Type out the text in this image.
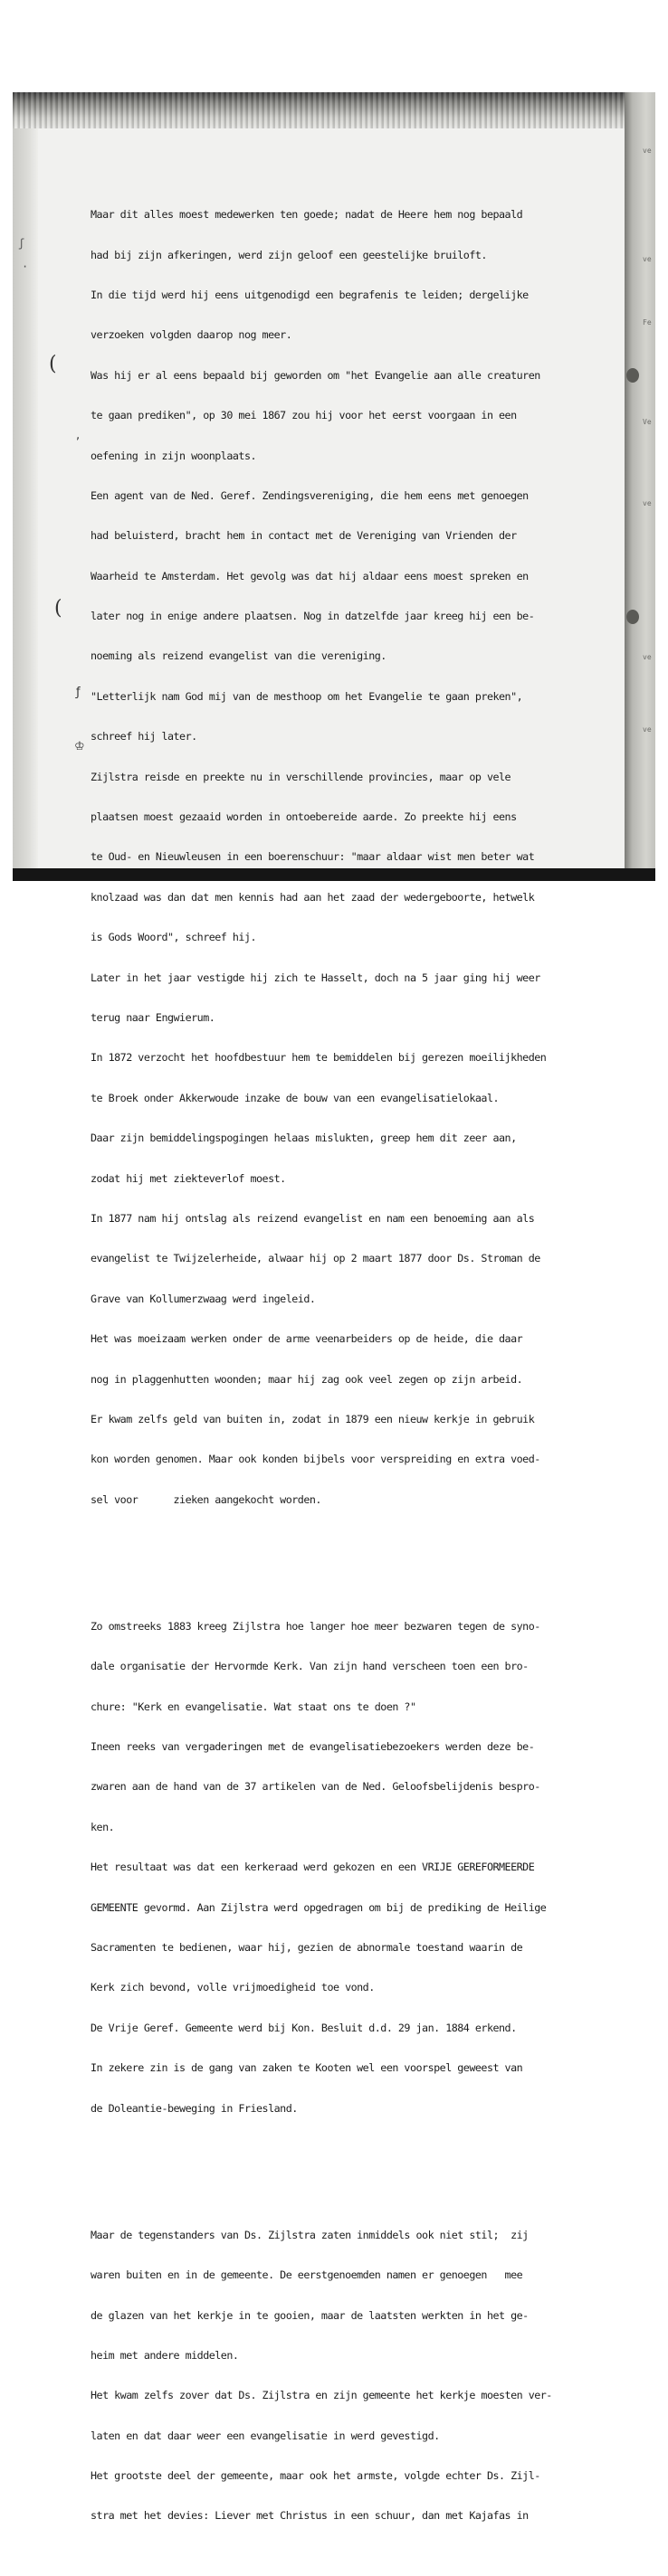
ʃ
·
ve
ve
Fe
Ve
ve
ve
ve
(
(
,
ƒ
♔

Maar dit alles moest medewerken ten goede; nadat de Heere hem nog bepaald

had bij zijn afkeringen, werd zijn geloof een geestelijke bruiloft.

In die tijd werd hij eens uitgenodigd een begrafenis te leiden; dergelijke

verzoeken volgden daarop nog meer.

Was hij er al eens bepaald bij geworden om "het Evangelie aan alle creaturen

te gaan prediken", op 30 mei 1867 zou hij voor het eerst voorgaan in een

oefening in zijn woonplaats.

Een agent van de Ned. Geref. Zendingsvereniging, die hem eens met genoegen

had beluisterd, bracht hem in contact met de Vereniging van Vrienden der

Waarheid te Amsterdam. Het gevolg was dat hij aldaar eens moest spreken en

later nog in enige andere plaatsen. Nog in datzelfde jaar kreeg hij een be-

noeming als reizend evangelist van die vereniging.

"Letterlijk nam God mij van de mesthoop om het Evangelie te gaan preken",

schreef hij later.

Zijlstra reisde en preekte nu in verschillende provincies, maar op vele

plaatsen moest gezaaid worden in ontoebereide aarde. Zo preekte hij eens

te Oud- en Nieuwleusen in een boerenschuur: "maar aldaar wist men beter wat

knolzaad was dan dat men kennis had aan het zaad der wedergeboorte, hetwelk

is Gods Woord", schreef hij.

Later in het jaar vestigde hij zich te Hasselt, doch na 5 jaar ging hij weer

terug naar Engwierum.

In 1872 verzocht het hoofdbestuur hem te bemiddelen bij gerezen moeilijkheden

te Broek onder Akkerwoude inzake de bouw van een evangelisatielokaal.

Daar zijn bemiddelingspogingen helaas mislukten, greep hem dit zeer aan,

zodat hij met ziekteverlof moest.

In 1877 nam hij ontslag als reizend evangelist en nam een benoeming aan als

evangelist te Twijzelerheide, alwaar hij op 2 maart 1877 door Ds. Stroman de

Grave van Kollumerzwaag werd ingeleid.

Het was moeizaam werken onder de arme veenarbeiders op de heide, die daar

nog in plaggenhutten woonden; maar hij zag ook veel zegen op zijn arbeid.

Er kwam zelfs geld van buiten in, zodat in 1879 een nieuw kerkje in gebruik

kon worden genomen. Maar ook konden bijbels voor verspreiding en extra voed-

sel voor      zieken aangekocht worden.

Zo omstreeks 1883 kreeg Zijlstra hoe langer hoe meer bezwaren tegen de syno-

dale organisatie der Hervormde Kerk. Van zijn hand verscheen toen een bro-

chure: "Kerk en evangelisatie. Wat staat ons te doen ?"

Ineen reeks van vergaderingen met de evangelisatiebezoekers werden deze be-

zwaren aan de hand van de 37 artikelen van de Ned. Geloofsbelijdenis bespro-

ken.

Het resultaat was dat een kerkeraad werd gekozen en een VRIJE GEREFORMEERDE

GEMEENTE gevormd. Aan Zijlstra werd opgedragen om bij de prediking de Heilige

Sacramenten te bedienen, waar hij, gezien de abnormale toestand waarin de

Kerk zich bevond, volle vrijmoedigheid toe vond.

De Vrije Geref. Gemeente werd bij Kon. Besluit d.d. 29 jan. 1884 erkend.

In zekere zin is de gang van zaken te Kooten wel een voorspel geweest van

de Doleantie-beweging in Friesland.

Maar de tegenstanders van Ds. Zijlstra zaten inmiddels ook niet stil;  zij

waren buiten en in de gemeente. De eerstgenoemden namen er genoegen   mee

de glazen van het kerkje in te gooien, maar de laatsten werkten in het ge-

heim met andere middelen.

Het kwam zelfs zover dat Ds. Zijlstra en zijn gemeente het kerkje moesten ver-

laten en dat daar weer een evangelisatie in werd gevestigd.

Het grootste deel der gemeente, maar ook het armste, volgde echter Ds. Zijl-

stra met het devies: Liever met Christus in een schuur, dan met Kajafas in
